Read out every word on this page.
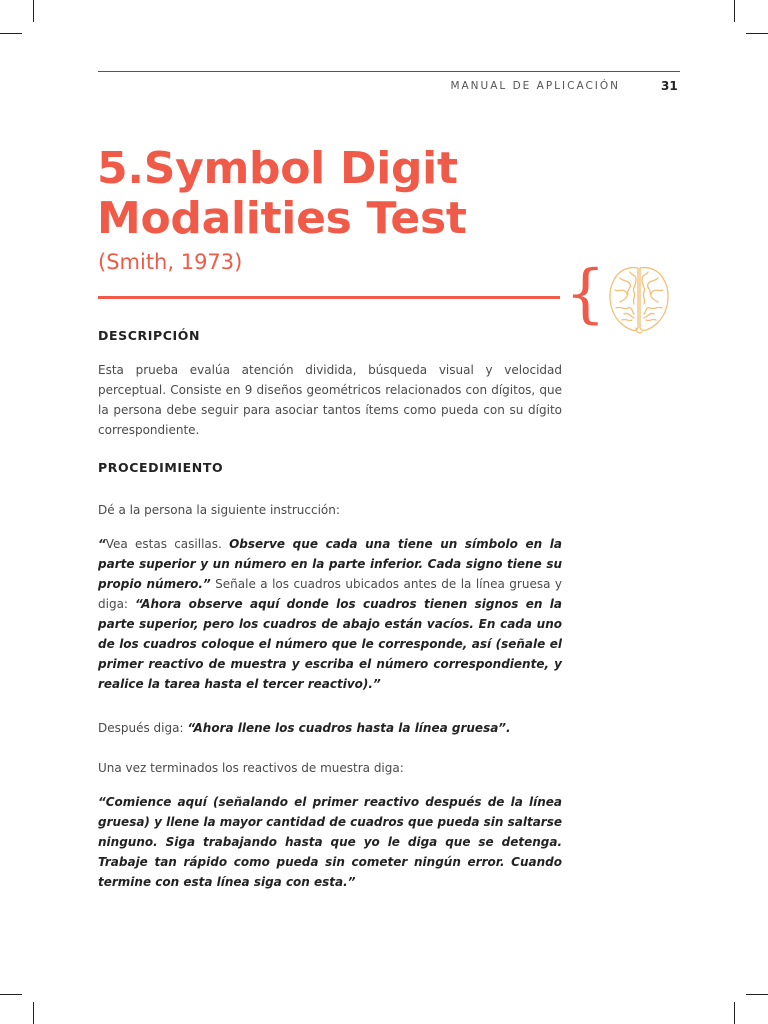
MANUAL DE APLICACIÓN	31
5.Symbol Digit
Modalities Test
(Smith, 1973)	{
DESCRIPCIÓN

Esta prueba evalúa atención dividida, búsqueda visual y velocidad perceptual. Consiste en 9 diseños geométricos relacionados con dígitos, que la persona debe seguir para asociar tantos ítems como pueda con su dígito correspondiente.

PROCEDIMIENTO

Dé a la persona la siguiente instrucción:

“Vea estas casillas. Observe que cada una tiene un símbolo en la parte superior y un número en la parte inferior. Cada signo tiene su propio número.” Señale a los cuadros ubicados antes de la línea gruesa y diga: “Ahora observe aquí donde los cuadros tienen signos en la parte superior, pero los cuadros de abajo están vacíos. En cada uno de los cuadros coloque el número que le corresponde, así (señale el primer reactivo de muestra y escriba el número correspondiente, y realice la tarea hasta el tercer reactivo).”

Después diga: “Ahora llene los cuadros hasta la línea gruesa”.

Una vez terminados los reactivos de muestra diga:

“Comience aquí (señalando el primer reactivo después de la línea gruesa) y llene la mayor cantidad de cuadros que pueda sin saltarse ninguno. Siga trabajando hasta que yo le diga que se detenga. Trabaje tan rápido como pueda sin cometer ningún error. Cuando termine con esta línea siga con esta.”
